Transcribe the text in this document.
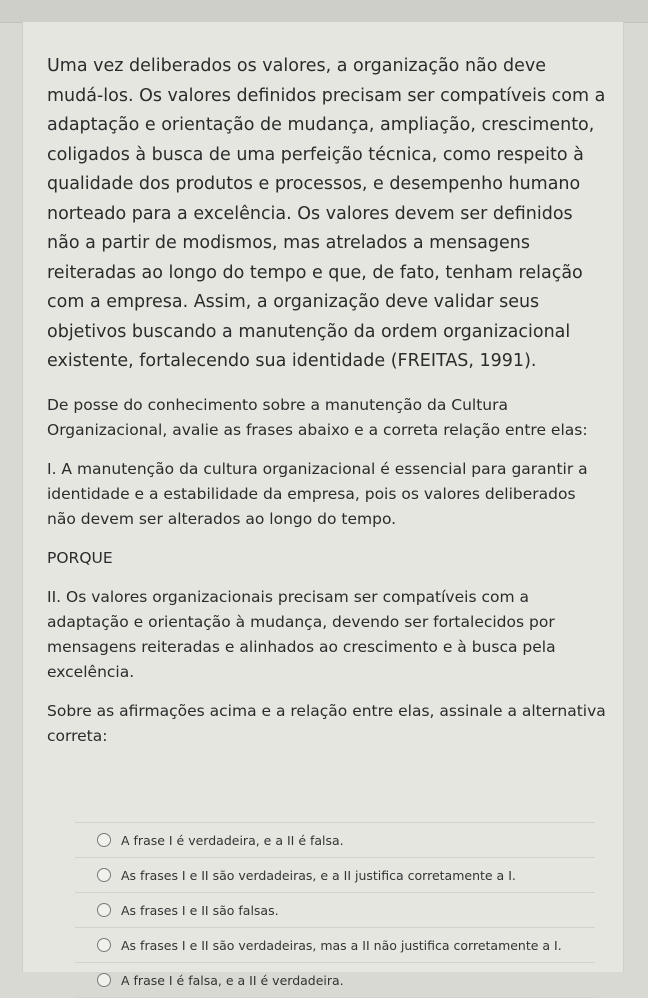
Uma vez deliberados os valores, a organização não deve mudá-los. Os valores definidos precisam ser compatíveis com a adaptação e orientação de mudança, ampliação, crescimento, coligados à busca de uma perfeição técnica, como respeito à qualidade dos produtos e processos, e desempenho humano norteado para a excelência. Os valores devem ser definidos não a partir de modismos, mas atrelados a mensagens reiteradas ao longo do tempo e que, de fato, tenham relação com a empresa. Assim, a organização deve validar seus objetivos buscando a manutenção da ordem organizacional existente, fortalecendo sua identidade (FREITAS, 1991).

De posse do conhecimento sobre a manutenção da Cultura Organizacional, avalie as frases abaixo e a correta relação entre elas:

I. A manutenção da cultura organizacional é essencial para garantir a identidade e a estabilidade da empresa, pois os valores deliberados não devem ser alterados ao longo do tempo.

PORQUE

II. Os valores organizacionais precisam ser compatíveis com a adaptação e orientação à mudança, devendo ser fortalecidos por mensagens reiteradas e alinhados ao crescimento e à busca pela excelência.

Sobre as afirmações acima e a relação entre elas, assinale a alternativa correta:

A frase I é verdadeira, e a II é falsa.
As frases I e II são verdadeiras, e a II justifica corretamente a I.
As frases I e II são falsas.
As frases I e II são verdadeiras, mas a II não justifica corretamente a I.
A frase I é falsa, e a II é verdadeira.
